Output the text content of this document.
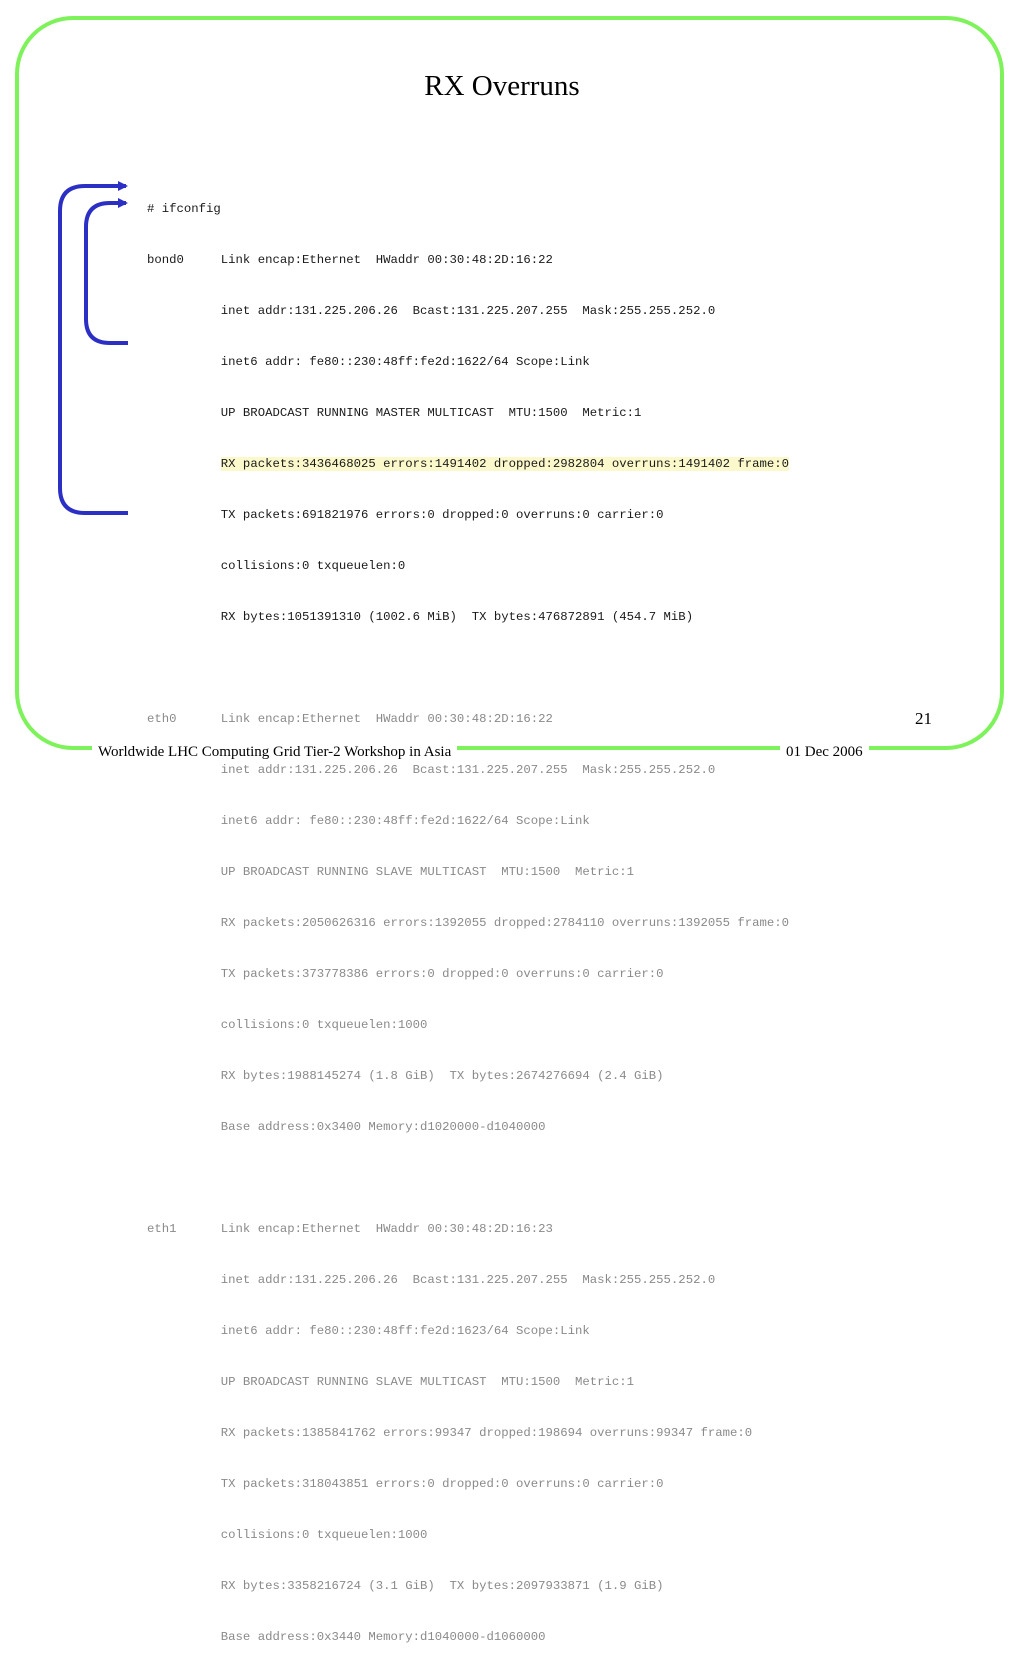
RX Overruns

# ifconfig

bond0     Link encap:Ethernet  HWaddr 00:30:48:2D:16:22

inet addr:131.225.206.26  Bcast:131.225.207.255  Mask:255.255.252.0

inet6 addr: fe80::230:48ff:fe2d:1622/64 Scope:Link

UP BROADCAST RUNNING MASTER MULTICAST  MTU:1500  Metric:1

RX packets:3436468025 errors:1491402 dropped:2982804 overruns:1491402 frame:0

TX packets:691821976 errors:0 dropped:0 overruns:0 carrier:0

collisions:0 txqueuelen:0

RX bytes:1051391310 (1002.6 MiB)  TX bytes:476872891 (454.7 MiB)

eth0      Link encap:Ethernet  HWaddr 00:30:48:2D:16:22

inet addr:131.225.206.26  Bcast:131.225.207.255  Mask:255.255.252.0

inet6 addr: fe80::230:48ff:fe2d:1622/64 Scope:Link

UP BROADCAST RUNNING SLAVE MULTICAST  MTU:1500  Metric:1

RX packets:2050626316 errors:1392055 dropped:2784110 overruns:1392055 frame:0

TX packets:373778386 errors:0 dropped:0 overruns:0 carrier:0

collisions:0 txqueuelen:1000

RX bytes:1988145274 (1.8 GiB)  TX bytes:2674276694 (2.4 GiB)

Base address:0x3400 Memory:d1020000-d1040000

eth1      Link encap:Ethernet  HWaddr 00:30:48:2D:16:23

inet addr:131.225.206.26  Bcast:131.225.207.255  Mask:255.255.252.0

inet6 addr: fe80::230:48ff:fe2d:1623/64 Scope:Link

UP BROADCAST RUNNING SLAVE MULTICAST  MTU:1500  Metric:1

RX packets:1385841762 errors:99347 dropped:198694 overruns:99347 frame:0

TX packets:318043851 errors:0 dropped:0 overruns:0 carrier:0

collisions:0 txqueuelen:1000

RX bytes:3358216724 (3.1 GiB)  TX bytes:2097933871 (1.9 GiB)

Base address:0x3440 Memory:d1040000-d1060000

21
Worldwide LHC Computing Grid Tier-2 Workshop in Asia	01 Dec 2006
